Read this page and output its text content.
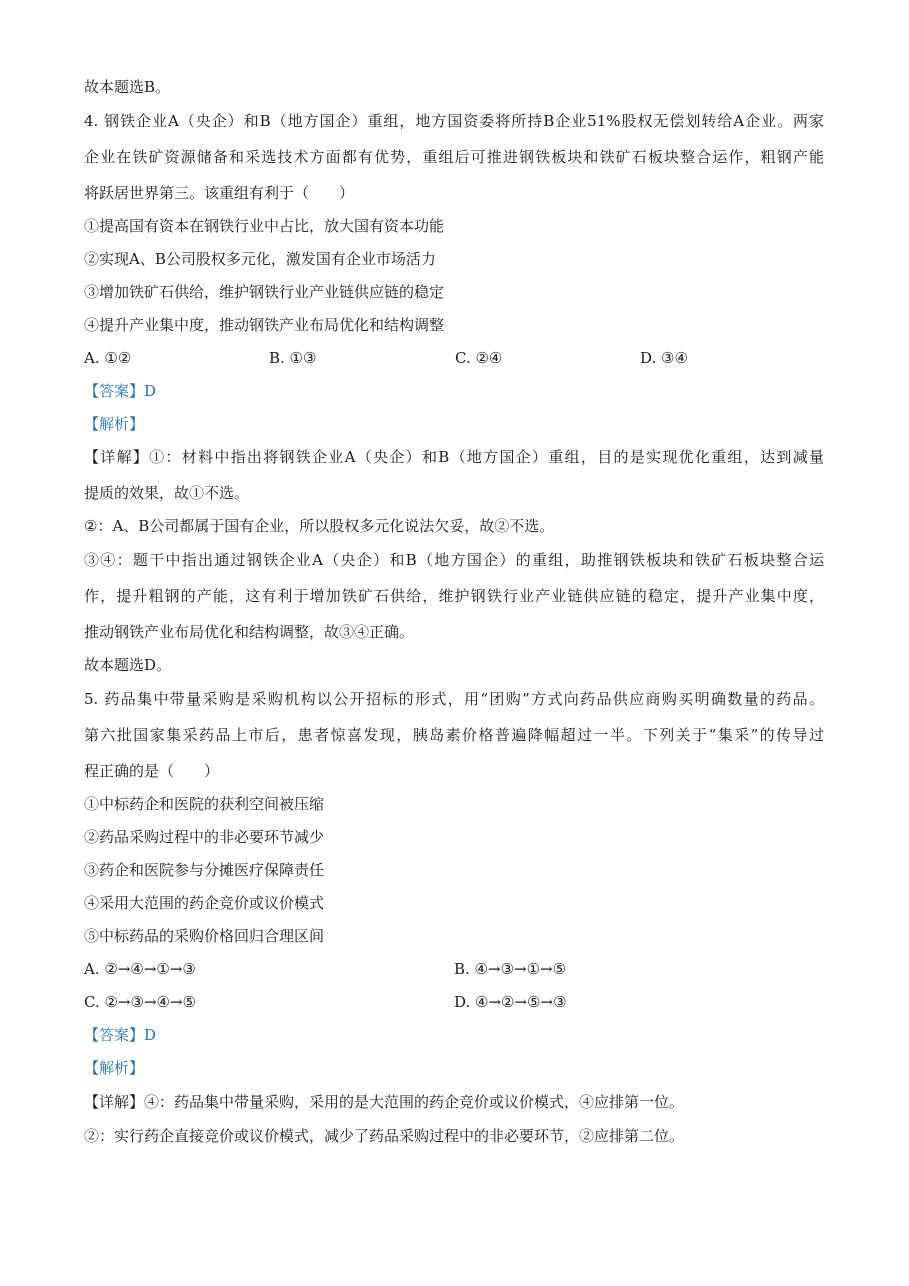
故本题选B。
4. 钢铁企业A（央企）和B（地方国企）重组，地方国资委将所持B企业51%股权无偿划转给A企业。两家
企业在铁矿资源储备和采选技术方面都有优势，重组后可推进钢铁板块和铁矿石板块整合运作，粗钢产能
将跃居世界第三。该重组有利于（　　）
①提高国有资本在钢铁行业中占比，放大国有资本功能
②实现A、B公司股权多元化，激发国有企业市场活力
③增加铁矿石供给，维护钢铁行业产业链供应链的稳定
④提升产业集中度，推动钢铁产业布局优化和结构调整
A. ①②	B. ①③	C. ②④	D. ③④
【答案】D
【解析】
【详解】①：材料中指出将钢铁企业A（央企）和B（地方国企）重组，目的是实现优化重组，达到减量
提质的效果，故①不选。
②：A、B公司都属于国有企业，所以股权多元化说法欠妥，故②不选。
③④：题干中指出通过钢铁企业A（央企）和B（地方国企）的重组，助推钢铁板块和铁矿石板块整合运
作，提升粗钢的产能，这有利于增加铁矿石供给，维护钢铁行业产业链供应链的稳定，提升产业集中度，
推动钢铁产业布局优化和结构调整，故③④正确。
故本题选D。
5. 药品集中带量采购是采购机构以公开招标的形式，用“团购”方式向药品供应商购买明确数量的药品。
第六批国家集采药品上市后，患者惊喜发现，胰岛素价格普遍降幅超过一半。下列关于“集采”的传导过
程正确的是（　　）
①中标药企和医院的获利空间被压缩
②药品采购过程中的非必要环节减少
③药企和医院参与分摊医疗保障责任
④采用大范围的药企竞价或议价模式
⑤中标药品的采购价格回归合理区间
A. ②→④→①→③	B. ④→③→①→⑤
C. ②→③→④→⑤	D. ④→②→⑤→③
【答案】D
【解析】
【详解】④：药品集中带量采购，采用的是大范围的药企竞价或议价模式，④应排第一位。
②：实行药企直接竞价或议价模式，减少了药品采购过程中的非必要环节，②应排第二位。
